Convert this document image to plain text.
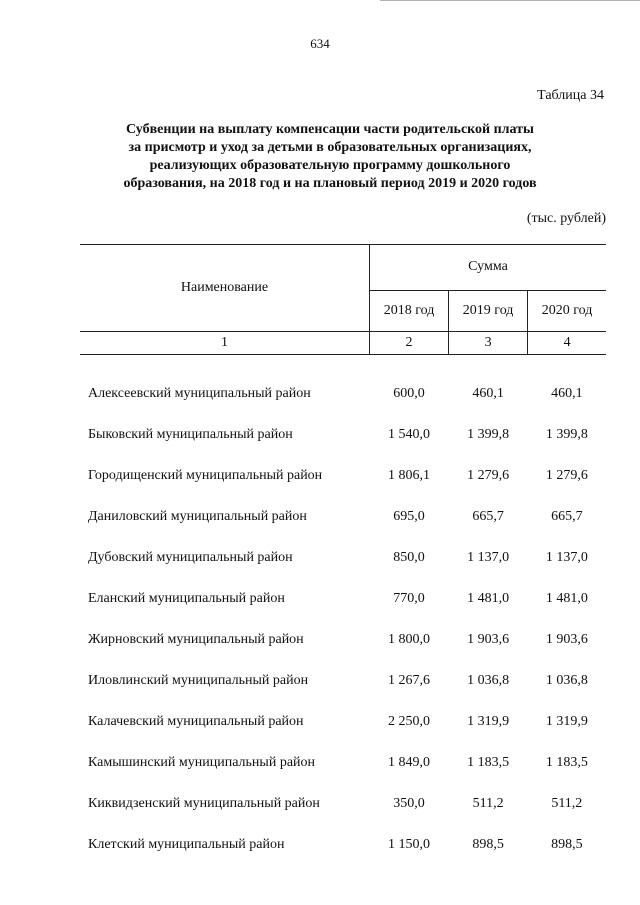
634
Таблица 34
Субвенции на выплату компенсации части родительской платы
за присмотр и уход за детьми в образовательных организациях,
реализующих образовательную программу дошкольного
образования, на 2018 год и на плановый период 2019 и 2020 годов
(тыс. рублей)
Наименование	Сумма		
	2018 год	2019 год	2020 год
1	2	3	4

Алексеевский муниципальный район	600,0	460,1	460,1
Быковский муниципальный район	1 540,0	1 399,8	1 399,8
Городищенский муниципальный район	1 806,1	1 279,6	1 279,6
Даниловский муниципальный район	695,0	665,7	665,7
Дубовский муниципальный район	850,0	1 137,0	1 137,0
Еланский муниципальный район	770,0	1 481,0	1 481,0
Жирновский муниципальный район	1 800,0	1 903,6	1 903,6
Иловлинский муниципальный район	1 267,6	1 036,8	1 036,8
Калачевский муниципальный район	2 250,0	1 319,9	1 319,9
Камышинский муниципальный район	1 849,0	1 183,5	1 183,5
Киквидзенский муниципальный район	350,0	511,2	511,2
Клетский муниципальный район	1 150,0	898,5	898,5
